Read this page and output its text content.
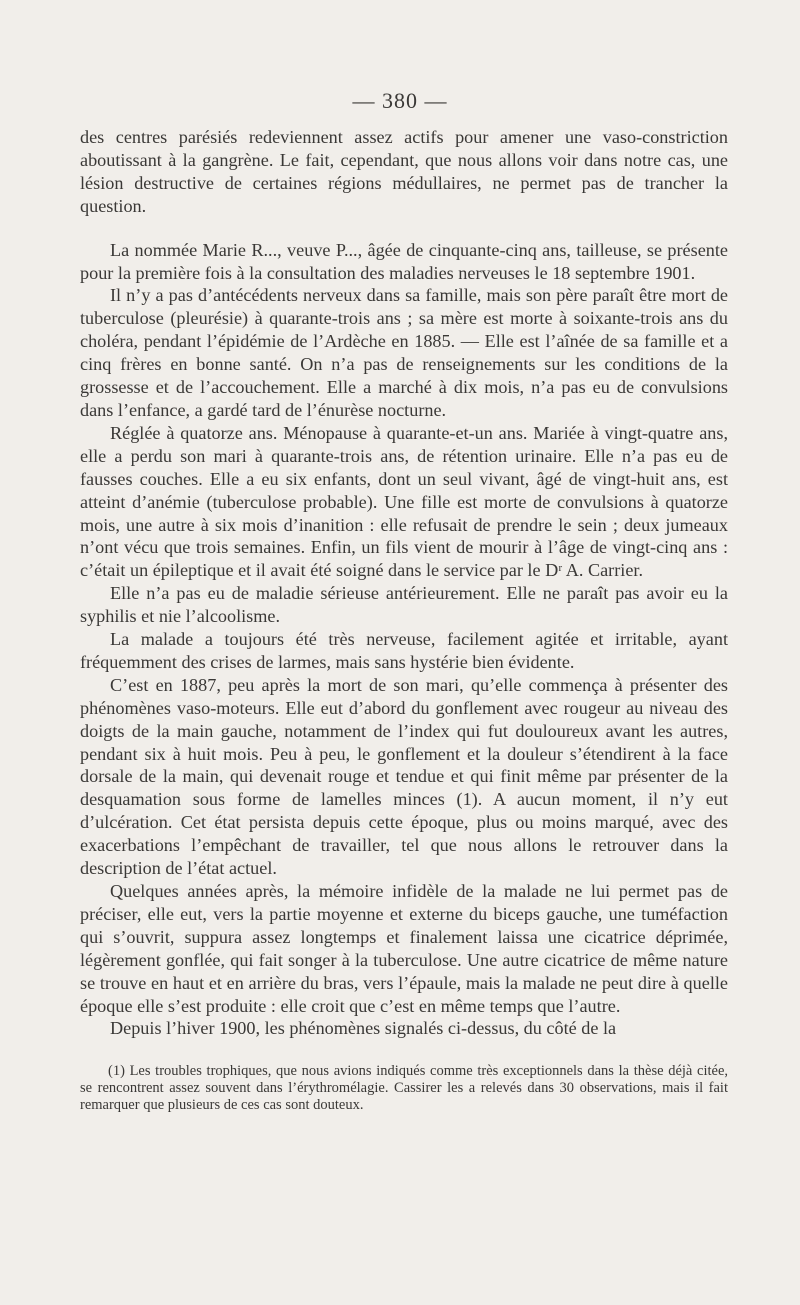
— 380 —

des centres parésiés redeviennent assez actifs pour amener une vaso-constriction aboutissant à la gangrène. Le fait, cependant, que nous allons voir dans notre cas, une lésion destructive de certaines régions médullaires, ne permet pas de trancher la question.

La nommée Marie R..., veuve P..., âgée de cinquante-cinq ans, tailleuse, se présente pour la première fois à la consultation des maladies nerveuses le 18 septembre 1901.

Il n’y a pas d’antécédents nerveux dans sa famille, mais son père paraît être mort de tuberculose (pleurésie) à quarante-trois ans ; sa mère est morte à soixante-trois ans du choléra, pendant l’épidémie de l’Ardèche en 1885. — Elle est l’aînée de sa famille et a cinq frères en bonne santé. On n’a pas de renseignements sur les conditions de la grossesse et de l’accouchement. Elle a marché à dix mois, n’a pas eu de convulsions dans l’enfance, a gardé tard de l’énurèse nocturne.

Réglée à quatorze ans. Ménopause à quarante-et-un ans. Mariée à vingt-quatre ans, elle a perdu son mari à quarante-trois ans, de rétention urinaire. Elle n’a pas eu de fausses couches. Elle a eu six enfants, dont un seul vivant, âgé de vingt-huit ans, est atteint d’anémie (tuberculose probable). Une fille est morte de convulsions à quatorze mois, une autre à six mois d’inanition : elle refusait de prendre le sein ; deux jumeaux n’ont vécu que trois semaines. Enfin, un fils vient de mourir à l’âge de vingt-cinq ans : c’était un épileptique et il avait été soigné dans le service par le Dʳ A. Carrier.

Elle n’a pas eu de maladie sérieuse antérieurement. Elle ne paraît pas avoir eu la syphilis et nie l’alcoolisme.

La malade a toujours été très nerveuse, facilement agitée et irritable, ayant fréquemment des crises de larmes, mais sans hystérie bien évidente.

C’est en 1887, peu après la mort de son mari, qu’elle commença à présenter des phénomènes vaso-moteurs. Elle eut d’abord du gonflement avec rougeur au niveau des doigts de la main gauche, notamment de l’index qui fut douloureux avant les autres, pendant six à huit mois. Peu à peu, le gonflement et la douleur s’étendirent à la face dorsale de la main, qui devenait rouge et tendue et qui finit même par présenter de la desquamation sous forme de lamelles minces (1). A aucun moment, il n’y eut d’ulcération. Cet état persista depuis cette époque, plus ou moins marqué, avec des exacerbations l’empêchant de travailler, tel que nous allons le retrouver dans la description de l’état actuel.

Quelques années après, la mémoire infidèle de la malade ne lui permet pas de préciser, elle eut, vers la partie moyenne et externe du biceps gauche, une tuméfaction qui s’ouvrit, suppura assez longtemps et finalement laissa une cicatrice déprimée, légèrement gonflée, qui fait songer à la tuberculose. Une autre cicatrice de même nature se trouve en haut et en arrière du bras, vers l’épaule, mais la malade ne peut dire à quelle époque elle s’est produite : elle croit que c’est en même temps que l’autre.

Depuis l’hiver 1900, les phénomènes signalés ci-dessus, du côté de la

(1) Les troubles trophiques, que nous avions indiqués comme très exceptionnels dans la thèse déjà citée, se rencontrent assez souvent dans l’érythromélagie. Cassirer les a relevés dans 30 observations, mais il fait remarquer que plusieurs de ces cas sont douteux.
